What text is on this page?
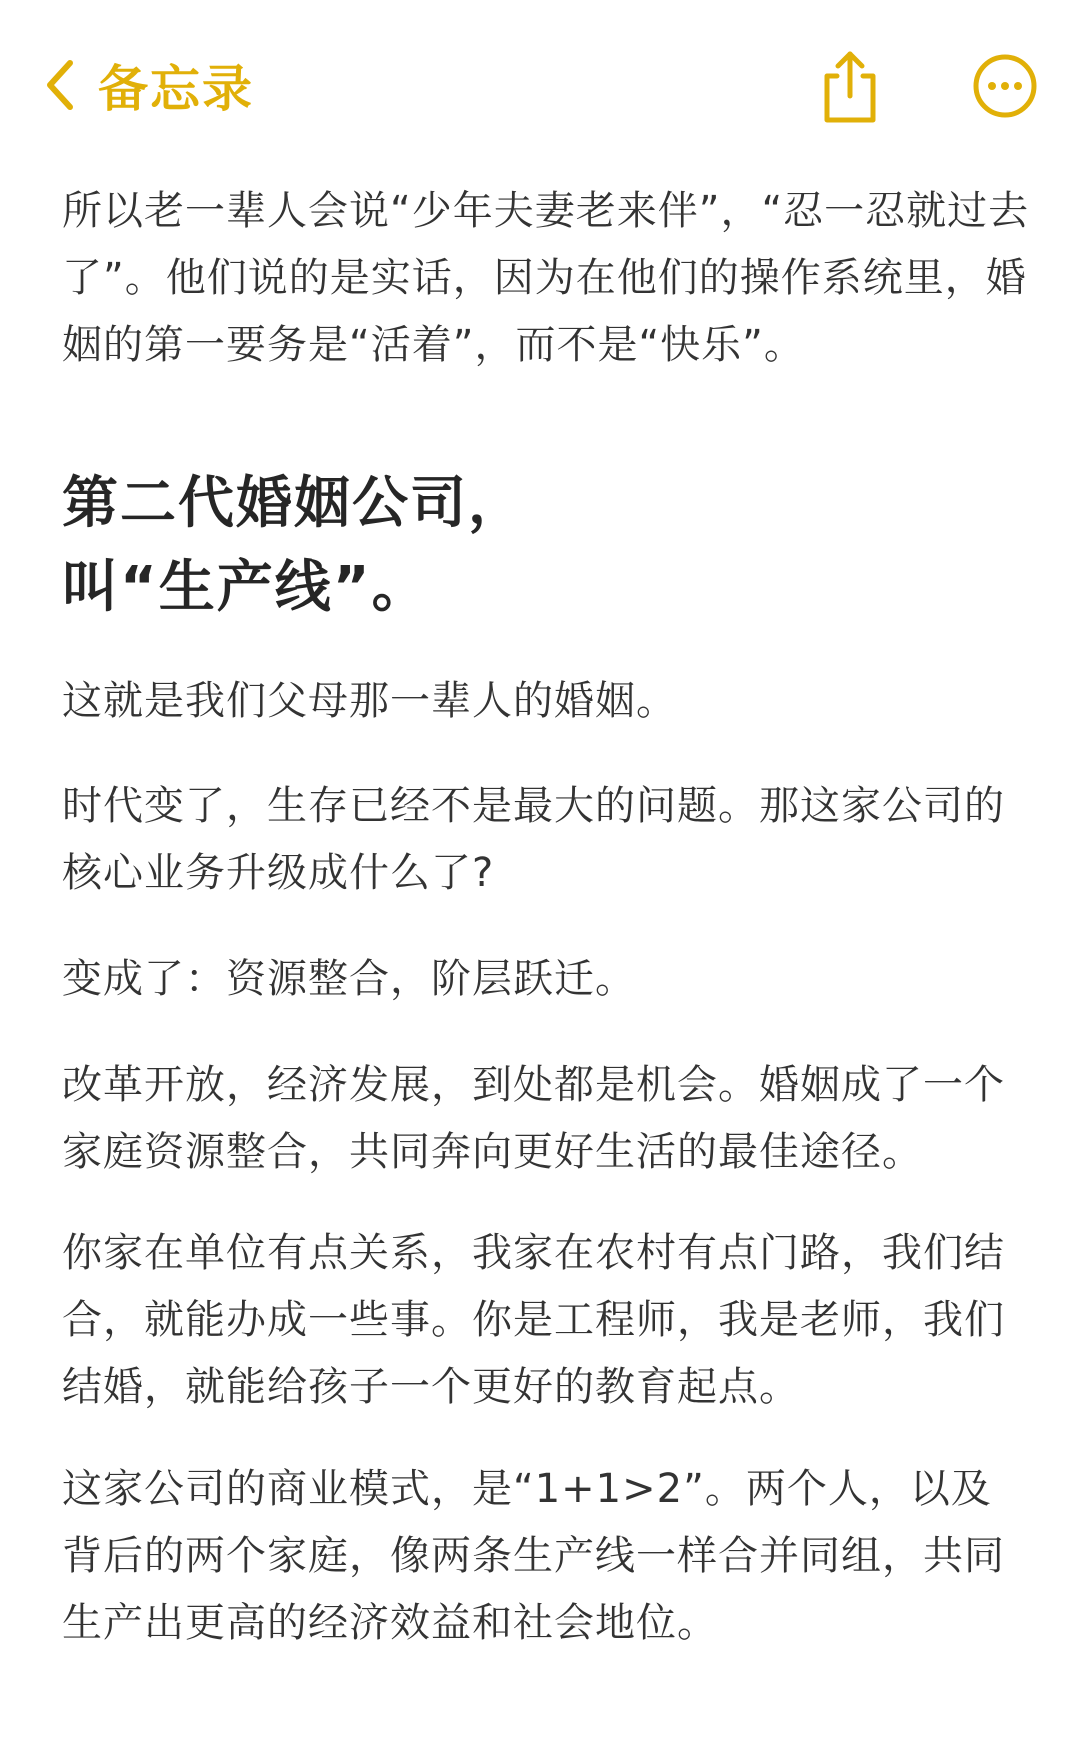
备忘录

所以老一辈人会说“少年夫妻老来伴”，“忍一忍就过去了”。他们说的是实话，因为在他们的操作系统里，婚姻的第一要务是“活着”，而不是“快乐”。

第二代婚姻公司，
叫“生产线”。

这就是我们父母那一辈人的婚姻。

时代变了，生存已经不是最大的问题。那这家公司的核心业务升级成什么了?

变成了：资源整合，阶层跃迁。

改革开放，经济发展，到处都是机会。婚姻成了一个家庭资源整合，共同奔向更好生活的最佳途径。

你家在单位有点关系，我家在农村有点门路，我们结合，就能办成一些事。你是工程师，我是老师，我们结婚，就能给孩子一个更好的教育起点。

这家公司的商业模式，是“1+1>2”。两个人，以及背后的两个家庭，像两条生产线一样合并同组，共同生产出更高的经济效益和社会地位。
